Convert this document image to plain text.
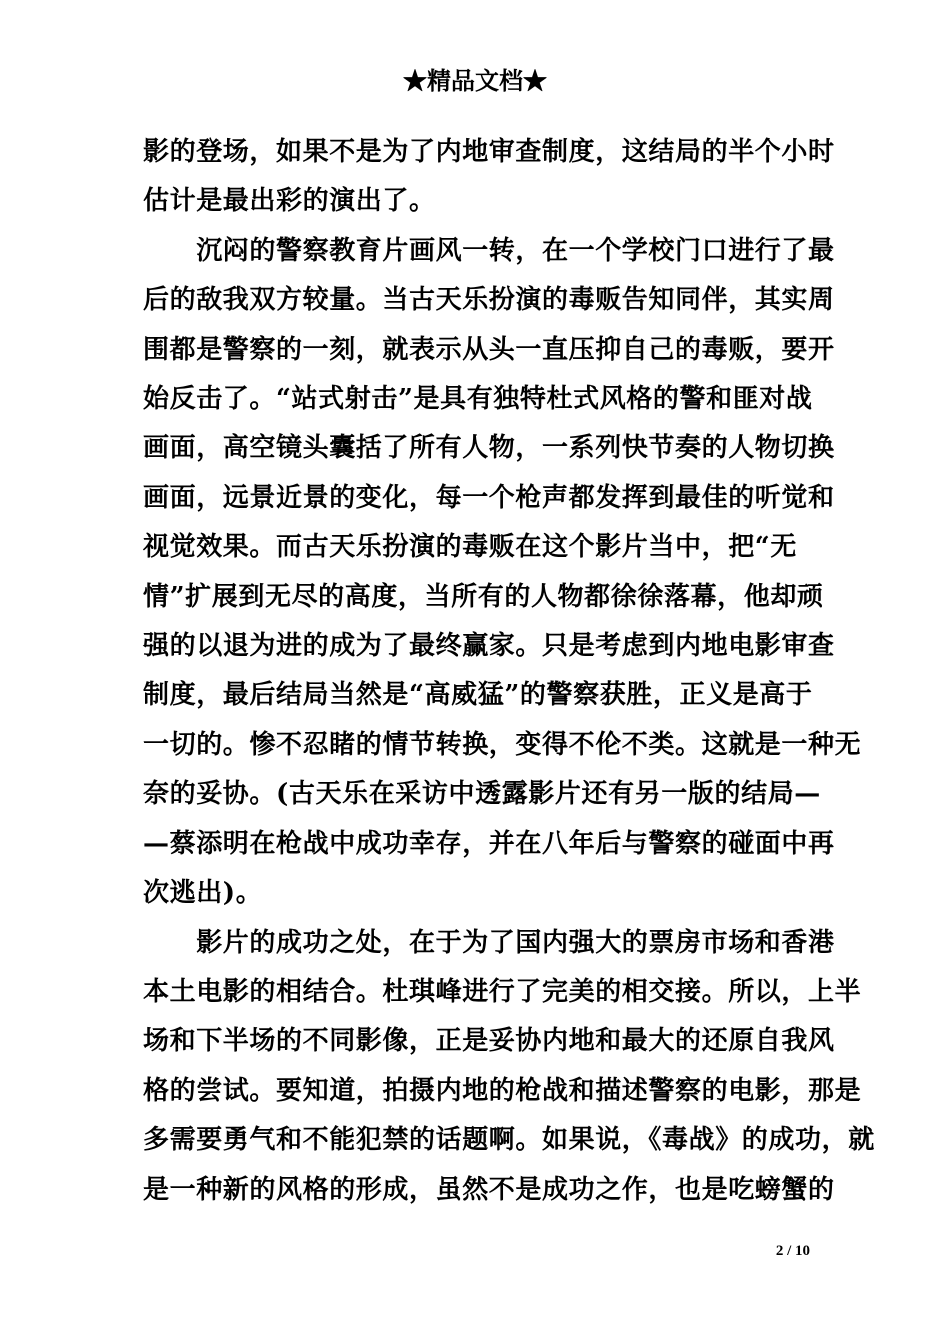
★精品文档★

影的登场，如果不是为了内地审查制度，这结局的半个小时
估计是最出彩的演出了。

　　沉闷的警察教育片画风一转，在一个学校门口进行了最
后的敌我双方较量。当古天乐扮演的毒贩告知同伴，其实周
围都是警察的一刻，就表示从头一直压抑自己的毒贩，要开
始反击了。“站式射击”是具有独特杜式风格的警和匪对战
画面，高空镜头囊括了所有人物，一系列快节奏的人物切换
画面，远景近景的变化，每一个枪声都发挥到最佳的听觉和
视觉效果。而古天乐扮演的毒贩在这个影片当中，把“无
情”扩展到无尽的高度，当所有的人物都徐徐落幕，他却顽
强的以退为进的成为了最终赢家。只是考虑到内地电影审查
制度，最后结局当然是“高威猛”的警察获胜，正义是高于
一切的。惨不忍睹的情节转换，变得不伦不类。这就是一种无
奈的妥协。(古天乐在采访中透露影片还有另一版的结局—
—蔡添明在枪战中成功幸存，并在八年后与警察的碰面中再
次逃出)。

　　影片的成功之处，在于为了国内强大的票房市场和香港
本土电影的相结合。杜琪峰进行了完美的相交接。所以，上半
场和下半场的不同影像，正是妥协内地和最大的还原自我风
格的尝试。要知道，拍摄内地的枪战和描述警察的电影，那是
多需要勇气和不能犯禁的话题啊。如果说，《毒战》的成功，就
是一种新的风格的形成，虽然不是成功之作，也是吃螃蟹的

2 / 10
